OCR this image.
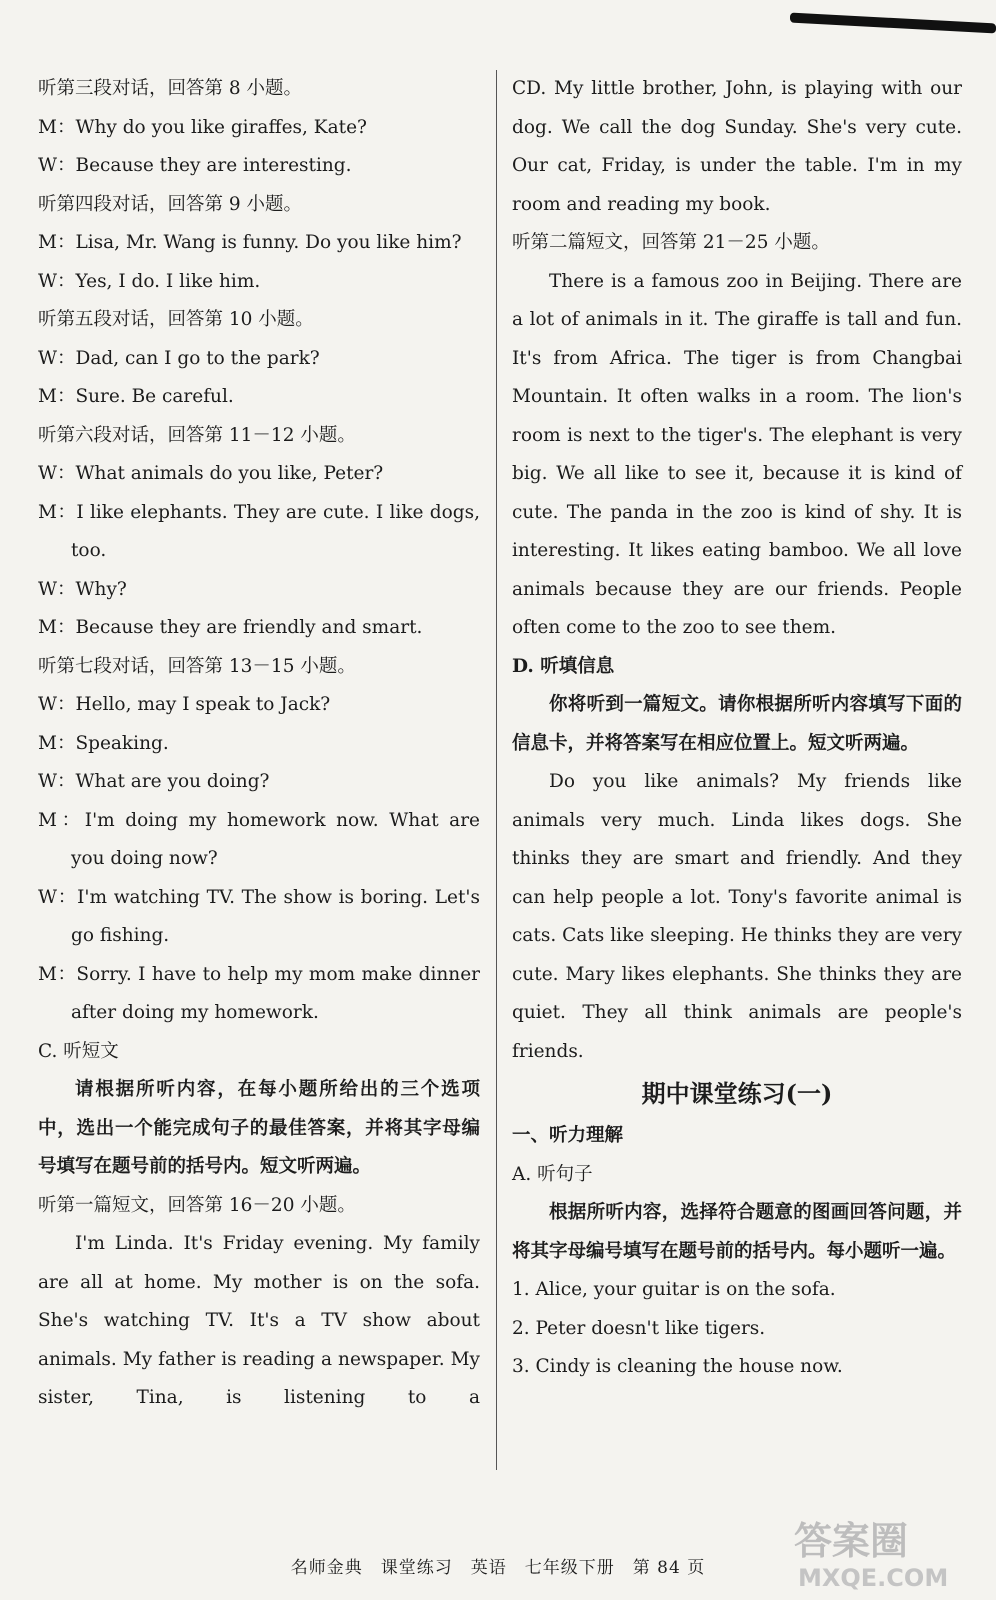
听第三段对话，回答第 8 小题。

M：Why do you like giraffes, Kate?

W：Because they are interesting.

听第四段对话，回答第 9 小题。

M：Lisa, Mr. Wang is funny. Do you like him?

W：Yes, I do. I like him.

听第五段对话，回答第 10 小题。

W：Dad, can I go to the park?

M：Sure. Be careful.

听第六段对话，回答第 11－12 小题。

W：What animals do you like, Peter?

M：I like elephants. They are cute. I like dogs, too.

W：Why?

M：Because they are friendly and smart.

听第七段对话，回答第 13－15 小题。

W：Hello, may I speak to Jack?

M：Speaking.

W：What are you doing?

M：I'm doing my homework now. What are you doing now?

W：I'm watching TV. The show is boring. Let's go fishing.

M：Sorry. I have to help my mom make dinner after doing my homework.

C. 听短文

请根据所听内容，在每小题所给出的三个选项中，选出一个能完成句子的最佳答案，并将其字母编号填写在题号前的括号内。短文听两遍。

听第一篇短文，回答第 16－20 小题。

I'm Linda. It's Friday evening. My family are all at home. My mother is on the sofa. She's watching TV. It's a TV show about animals. My father is reading a newspaper. My sister, Tina, is listening to a

CD. My little brother, John, is playing with our dog. We call the dog Sunday. She's very cute. Our cat, Friday, is under the table. I'm in my room and reading my book.

听第二篇短文，回答第 21－25 小题。

There is a famous zoo in Beijing. There are a lot of animals in it. The giraffe is tall and fun. It's from Africa. The tiger is from Changbai Mountain. It often walks in a room. The lion's room is next to the tiger's. The elephant is very big. We all like to see it, because it is kind of cute. The panda in the zoo is kind of shy. It is interesting. It likes eating bamboo. We all love animals because they are our friends. People often come to the zoo to see them.

D. 听填信息

你将听到一篇短文。请你根据所听内容填写下面的信息卡，并将答案写在相应位置上。短文听两遍。

Do you like animals? My friends like animals very much. Linda likes dogs. She thinks they are smart and friendly. And they can help people a lot. Tony's favorite animal is cats. Cats like sleeping. He thinks they are very cute. Mary likes elephants. She thinks they are quiet. They all think animals are people's friends.

期中课堂练习(一)

一、听力理解

A. 听句子

根据所听内容，选择符合题意的图画回答问题，并将其字母编号填写在题号前的括号内。每小题听一遍。

1. Alice, your guitar is on the sofa.

2. Peter doesn't like tigers.

3. Cindy is cleaning the house now.

名师金典　课堂练习　英语　七年级下册　第 84 页
答案圈
MXQE.COM
